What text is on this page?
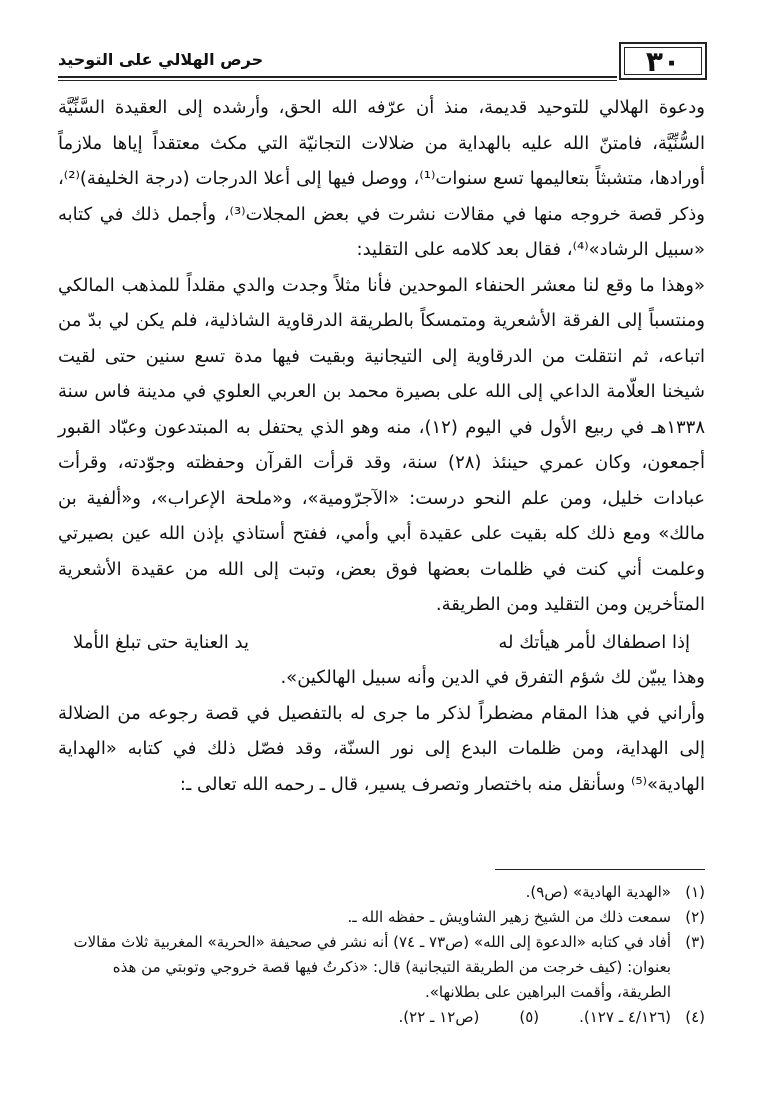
٣٠
حرص الهلالي على التوحيد

ودعوة الهلالي للتوحيد قديمة، منذ أن عرّفه الله الحق، وأرشده إلى العقيدة السَّنِّيَّة السُّنِّيَّة، فامتنّ الله عليه بالهداية من ضلالات التجانيّة التي مكث معتقداً إياها ملازماً أورادها، متشبثاً بتعاليمها تسع سنوات⁽¹⁾، ووصل فيها إلى أعلا الدرجات (درجة الخليفة)⁽²⁾، وذكر قصة خروجه منها في مقالات نشرت في بعض المجلات⁽³⁾، وأجمل ذلك في كتابه «سبيل الرشاد»⁽⁴⁾، فقال بعد كلامه على التقليد:

«وهذا ما وقع لنا معشر الحنفاء الموحدين فأنا مثلاً وجدت والدي مقلداً للمذهب المالكي ومنتسباً إلى الفرقة الأشعرية ومتمسكاً بالطريقة الدرقاوية الشاذلية، فلم يكن لي بدّ من اتباعه، ثم انتقلت من الدرقاوية إلى التيجانية وبقيت فيها مدة تسع سنين حتى لقيت شيخنا العلّامة الداعي إلى الله على بصيرة محمد بن العربي العلوي في مدينة فاس سنة ١٣٣٨هـ في ربيع الأول في اليوم (١٢)، منه وهو الذي يحتفل به المبتدعون وعبّاد القبور أجمعون، وكان عمري حينئذ (٢٨) سنة، وقد قرأت القرآن وحفظته وجوّدته، وقرأت عبادات خليل، ومن علم النحو درست: «الآجرّومية»، و«ملحة الإعراب»، و«ألفية بن مالك» ومع ذلك كله بقيت على عقيدة أبي وأمي، ففتح أستاذي بإذن الله عين بصيرتي وعلمت أني كنت في ظلمات بعضها فوق بعض، وتبت إلى الله من عقيدة الأشعرية المتأخرين ومن التقليد ومن الطريقة.

إذا اصطفاك لأمر هيأتك له
يد العناية حتى تبلغ الأملا

وهذا يبيّن لك شؤم التفرق في الدين وأنه سبيل الهالكين».

وأراني في هذا المقام مضطراً لذكر ما جرى له بالتفصيل في قصة رجوعه من الضلالة إلى الهداية، ومن ظلمات البدع إلى نور السنّة، وقد فصّل ذلك في كتابه «الهداية الهادية»⁽⁵⁾ وسأنقل منه باختصار وتصرف يسير، قال ـ رحمه الله تعالى ـ:

(١)
«الهدية الهادية» (ص٩).
(٢)
سمعت ذلك من الشيخ زهير الشاويش ـ حفظه الله ـ.
(٣)
أفاد في كتابه «الدعوة إلى الله» (ص٧٣ ـ ٧٤) أنه نشر في صحيفة «الحرية» المغربية ثلاث مقالات بعنوان: (كيف خرجت من الطريقة التيجانية) قال: «ذكرتُ فيها قصة خروجي وتوبتي من هذه الطريقة، وأقمت البراهين على بطلانها».
(٤)
(٤/١٢٦ ـ ١٢٧).
(٥)
(ص١٢ ـ ٢٢).
